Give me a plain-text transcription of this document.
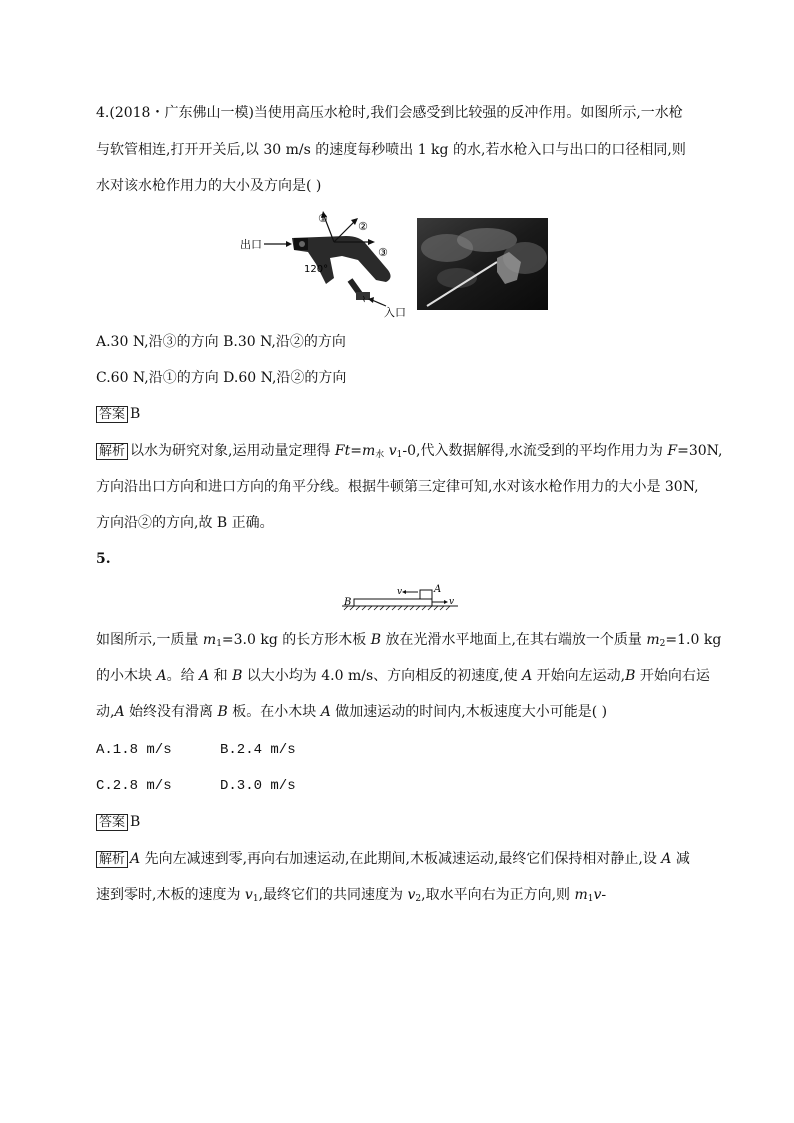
4.(2018・广东佛山一模)当使用高压水枪时,我们会感受到比较强的反冲作用。如图所示,一水枪
与软管相连,打开开关后,以 30 m/s 的速度每秒喷出 1 kg 的水,若水枪入口与出口的口径相同,则
水对该水枪作用力的大小及方向是( )
出口
⌇
入口
①
②
③
120°
A.30 N,沿③的方向 B.30 N,沿②的方向
C.60 N,沿①的方向 D.60 N,沿②的方向
答案 B
解析 以水为研究对象,运用动量定理得 $Ft=m_水$ $v_1-0$,代入数据解得,水流受到的平均作用力为 F=30N,
方向沿出口方向和进口方向的角平分线。根据牛顿第三定律可知,水对该水枪作用力的大小是 30N,
方向沿②的方向,故 B 正确。
5.
B
A
v
v
如图所示,一质量 $m_1=3.0$ kg 的长方形木板 B 放在光滑水平地面上,在其右端放一个质量 $m_2=1.0$ kg
的小木块 A。给 A 和 B 以大小均为 4.0 m/s、方向相反的初速度,使 A 开始向左运动,B 开始向右运
动,A 始终没有滑离 B 板。在小木块 A 做加速运动的时间内,木板速度大小可能是( )
A.1.8 m/s	B.2.4 m/s
C.2.8 m/s	D.3.0 m/s
答案 B
解析 A 先向左减速到零,再向右加速运动,在此期间,木板减速运动,最终它们保持相对静止,设 A 减
速到零时,木板的速度为 $v_1$,最终它们的共同速度为 $v_2$,取水平向右为正方向,则 $m_1v-$
